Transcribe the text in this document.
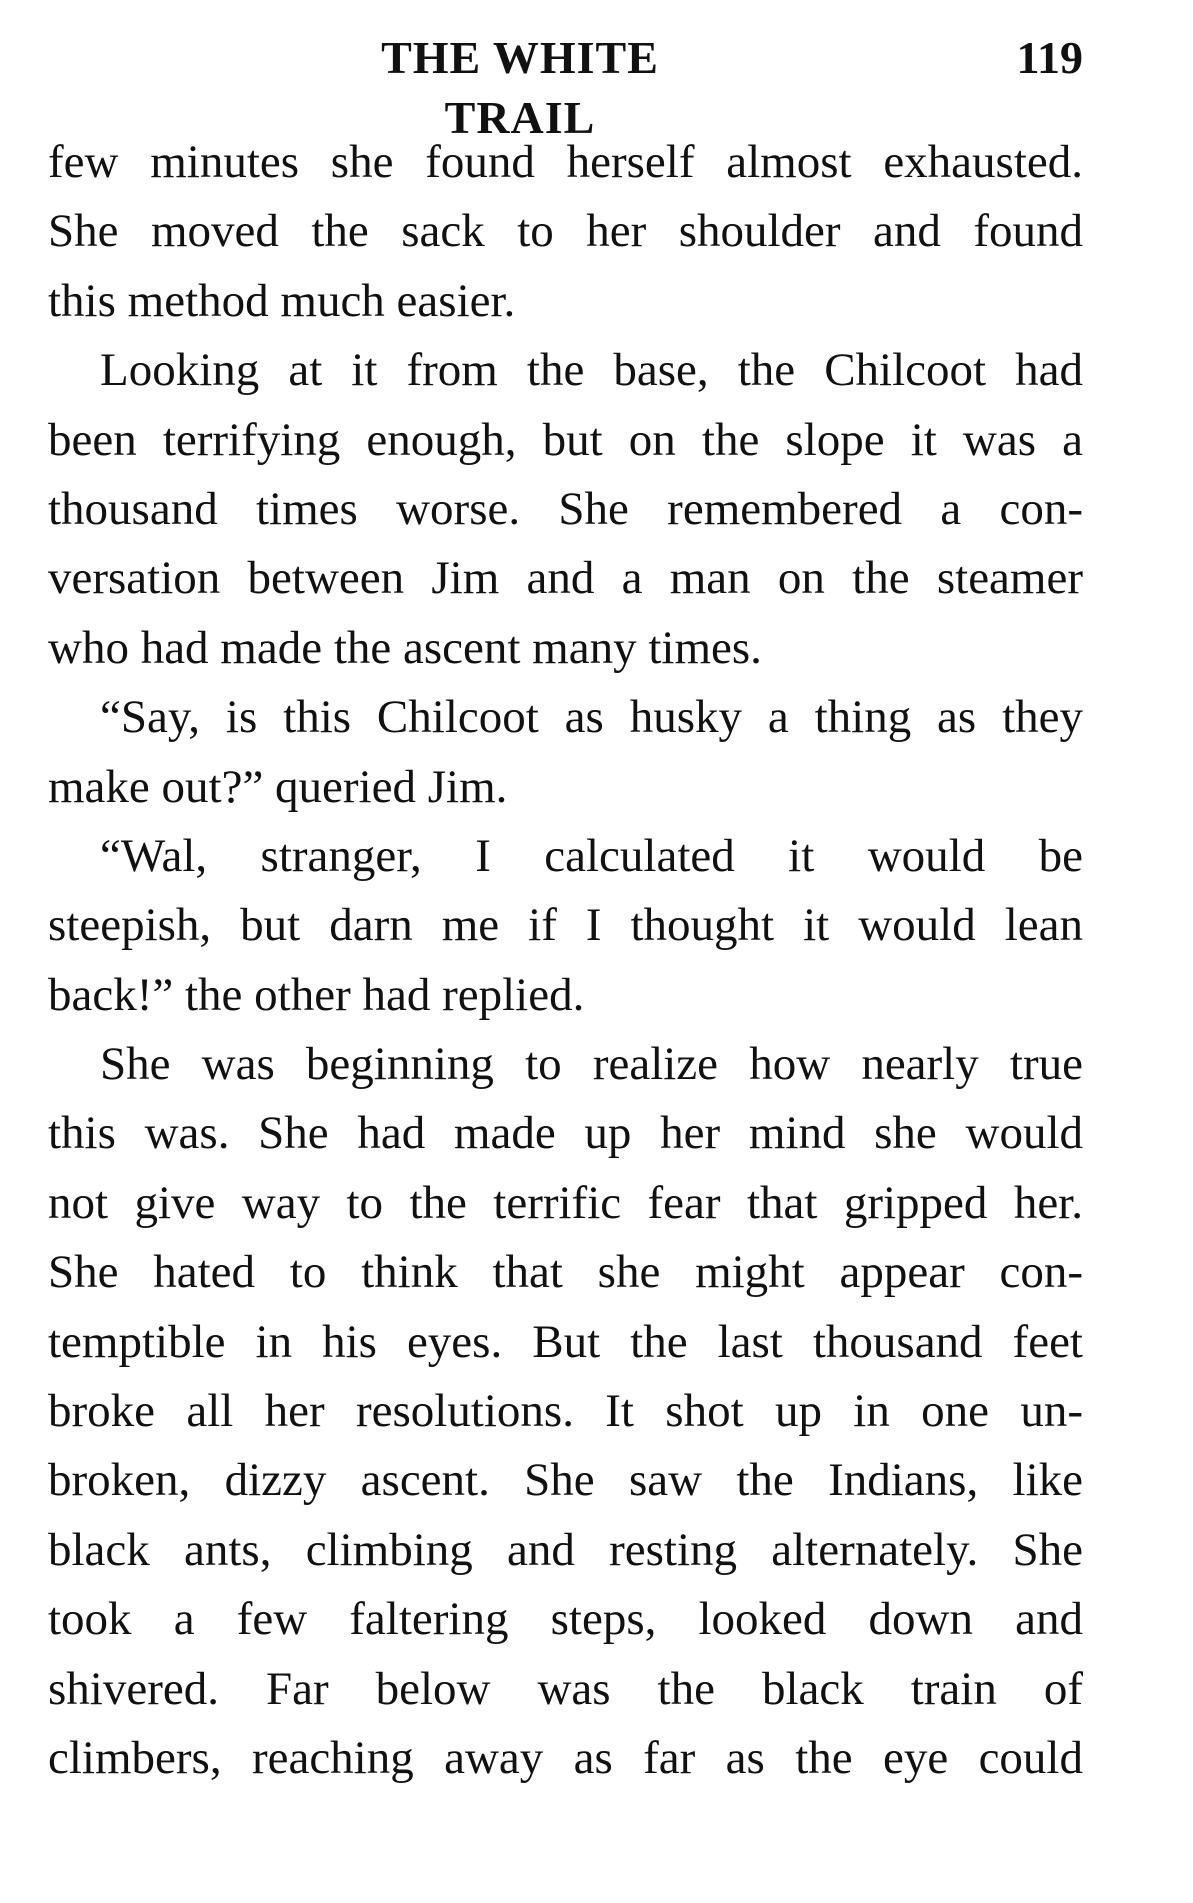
THE WHITE TRAIL
119
few minutes she found herself almost exhausted.
She moved the sack to her shoulder and found
this method much easier.
Looking at it from the base, the Chilcoot had
been terrifying enough, but on the slope it was a
thousand times worse. She remembered a con-
versation between Jim and a man on the steamer
who had made the ascent many times.
“Say, is this Chilcoot as husky a thing as they
make out?” queried Jim.
“Wal, stranger, I calculated it would be
steepish, but darn me if I thought it would lean
back!” the other had replied.
She was beginning to realize how nearly true
this was. She had made up her mind she would
not give way to the terrific fear that gripped her.
She hated to think that she might appear con-
temptible in his eyes. But the last thousand feet
broke all her resolutions. It shot up in one un-
broken, dizzy ascent. She saw the Indians, like
black ants, climbing and resting alternately. She
took a few faltering steps, looked down and
shivered. Far below was the black train of
climbers, reaching away as far as the eye could
